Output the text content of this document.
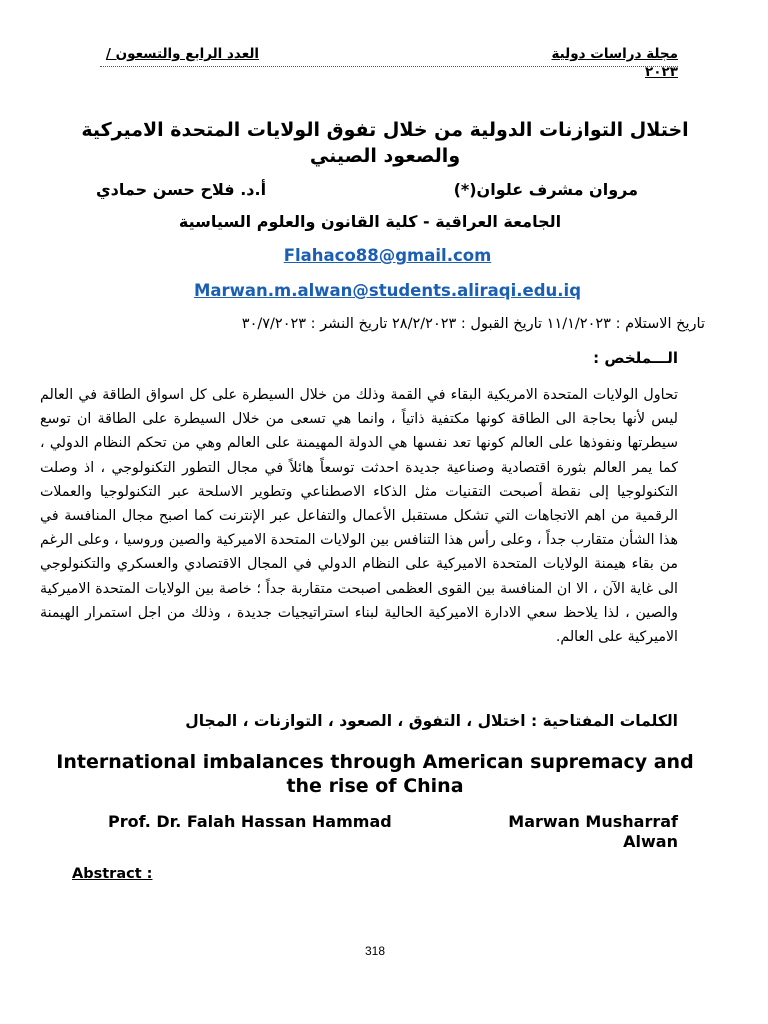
مجلة دراسات دولية
العدد الرابع والتسعون /
٢٠٢٣
اختلال التوازنات الدولية من خلال تفوق الولايات المتحدة الاميركية والصعود الصيني
مروان مشرف علوان(*)
أ.د. فلاح حسن حمادي
الجامعة العراقية - كلية القانون والعلوم السياسية
Flahaco88@gmail.com
Marwan.m.alwan@students.aliraqi.edu.iq
تاريخ الاستلام : ١١/١/٢٠٢٣ تاريخ القبول : ٢٨/٢/٢٠٢٣ تاريخ النشر : ٣٠/٧/٢٠٢٣
الـــملخص :
تحاول الولايات المتحدة الامريكية البقاء في القمة وذلك من خلال السيطرة على كل اسواق الطاقة في العالم ليس لأنها بحاجة الى الطاقة كونها مكتفية ذاتياً ، وانما هي تسعى من خلال السيطرة على الطاقة ان توسع سيطرتها ونفوذها على العالم كونها تعد نفسها هي الدولة المهيمنة على العالم وهي من تحكم النظام الدولي ، كما يمر العالم بثورة اقتصادية وصناعية جديدة احدثت توسعاً هائلاً في مجال التطور التكنولوجي ، اذ وصلت التكنولوجيا إلى نقطة أصبحت التقنيات مثل الذكاء الاصطناعي وتطوير الاسلحة عبر التكنولوجيا والعملات الرقمية من اهم الاتجاهات التي تشكل مستقبل الأعمال والتفاعل عبر الإنترنت كما اصبح مجال المنافسة في هذا الشأن متقارب جداً ، وعلى رأس هذا التنافس بين الولايات المتحدة الاميركية والصين وروسيا ، وعلى الرغم من بقاء هيمنة الولايات المتحدة الاميركية على النظام الدولي في المجال الاقتصادي والعسكري والتكنولوجي الى غاية الآن ، الا ان المنافسة بين القوى العظمى اصبحت متقاربة جداً ؛ خاصة بين الولايات المتحدة الاميركية والصين ، لذا يلاحظ سعي الادارة الاميركية الحالية لبناء استراتيجيات جديدة ، وذلك من اجل استمرار الهيمنة الاميركية على العالم.
الكلمات المفتاحية : اختلال ، التفوق ، الصعود ، التوازنات ، المجال
International imbalances through American supremacy and the rise of China
Prof. Dr. Falah Hassan Hammad	Marwan Musharraf Alwan
Abstract :
318
